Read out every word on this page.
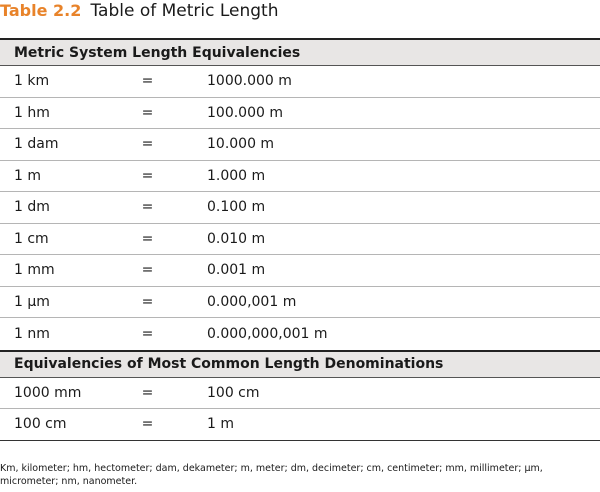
Table 2.2 Table of Metric Length
Metric System Length Equivalencies
1 km	=	1000.000 m
1 hm	=	100.000 m
1 dam	=	10.000 m
1 m	=	1.000 m
1 dm	=	0.100 m
1 cm	=	0.010 m
1 mm	=	0.001 m
1 µm	=	0.000,001 m
1 nm	=	0.000,000,001 m
Equivalencies of Most Common Length Denominations
1000 mm	=	100 cm
100 cm	=	1 m
Km, kilometer; hm, hectometer; dam, dekameter; m, meter; dm, decimeter; cm, centimeter; mm, millimeter; µm, micrometer; nm, nanometer.
